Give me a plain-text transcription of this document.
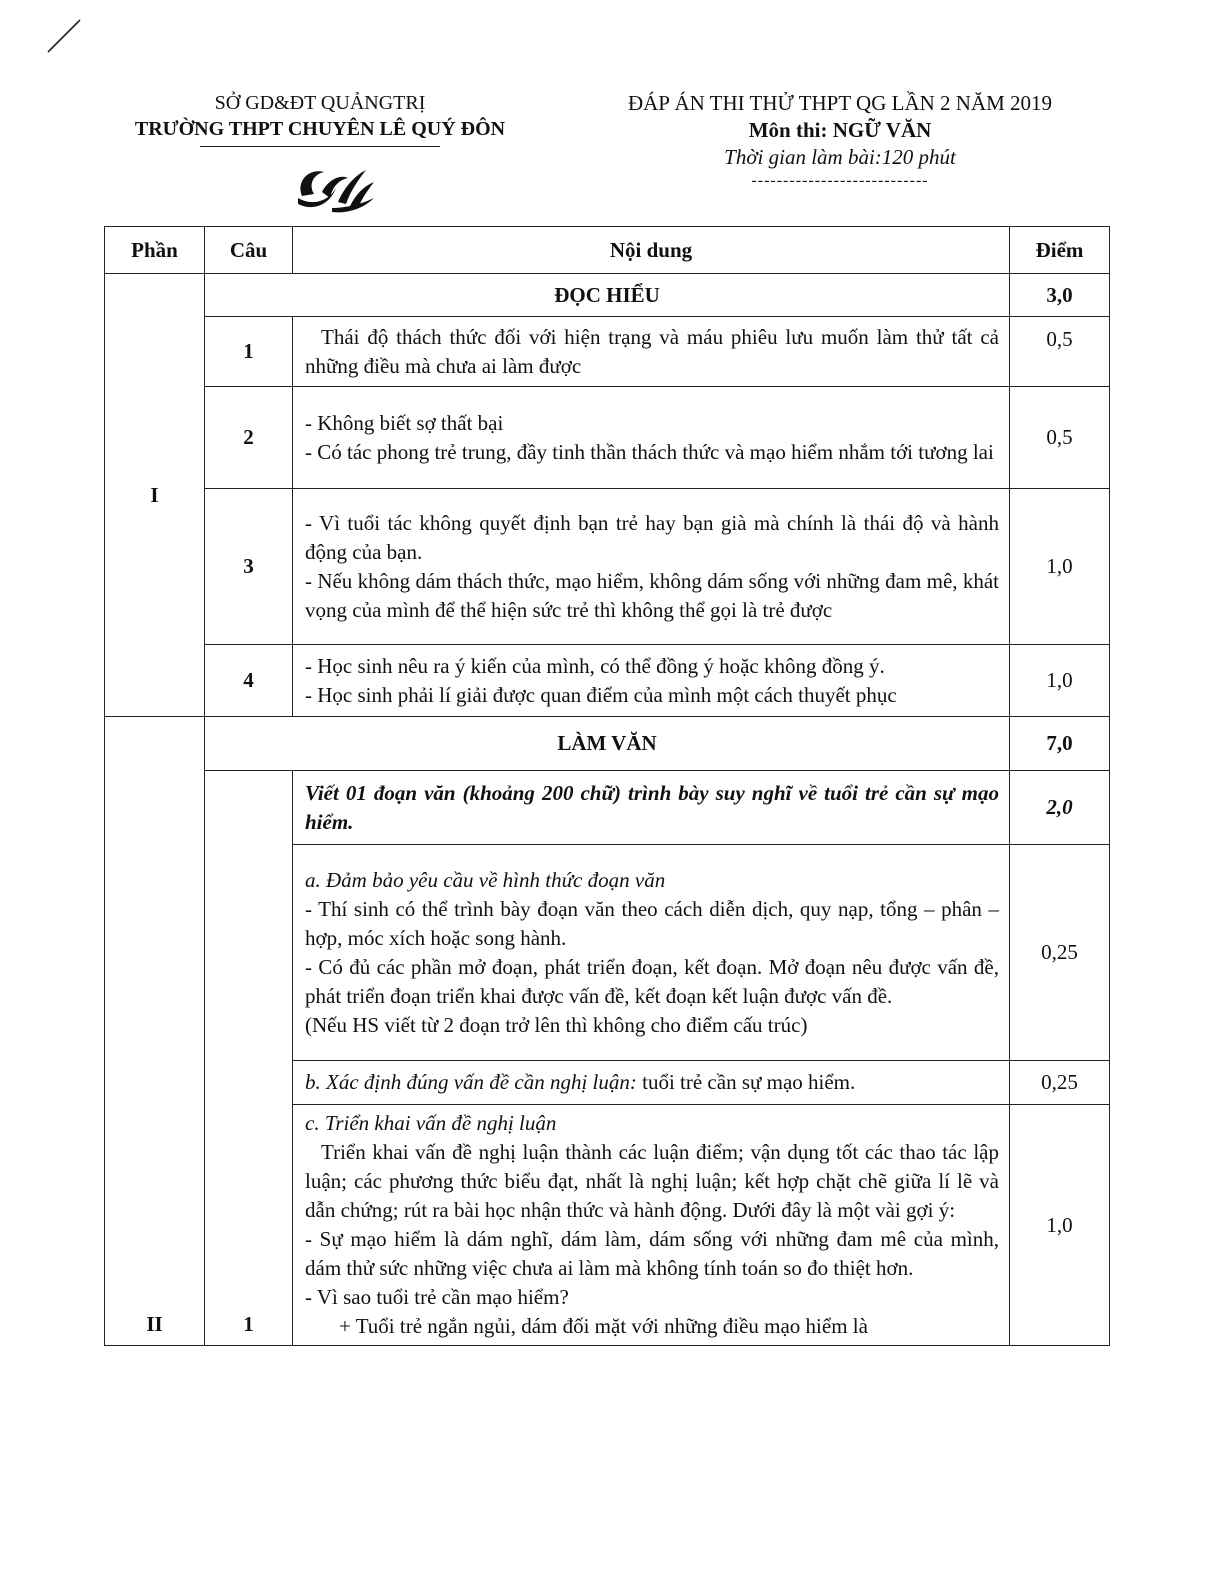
SỞ GD&ĐT QUẢNGTRỊ
TRƯỜNG THPT CHUYÊN LÊ QUÝ ĐÔN
ĐÁP ÁN THI THỬ THPT QG LẦN 2 NĂM 2019
Môn thi: NGỮ VĂN
Thời gian làm bài:120 phút
----------------------------
Phần	Câu	Nội dung	Điểm
I	ĐỌC HIỂU		3,0
	1	Thái độ thách thức đối với hiện trạng và máu phiêu lưu muốn làm thử tất cả những điều mà chưa ai làm được	0,5
	2	- Không biết sợ thất bại
- Có tác phong trẻ trung, đầy tinh thần thách thức và mạo hiểm nhắm tới tương lai	0,5
	3	- Vì tuổi tác không quyết định bạn trẻ hay bạn già mà chính là thái độ và hành động của bạn.
- Nếu không dám thách thức, mạo hiểm, không dám sống với những đam mê, khát vọng của mình để thể hiện sức trẻ thì không thể gọi là trẻ được	1,0
	4	- Học sinh nêu ra ý kiến của mình, có thể đồng ý hoặc không đồng ý.
- Học sinh phải lí giải được quan điểm của mình một cách thuyết phục	1,0
II	LÀM VĂN		7,0
	1	Viết 01 đoạn văn (khoảng 200 chữ) trình bày suy nghĩ về tuổi trẻ cần sự mạo hiểm.	2,0

		a. Đảm bảo yêu cầu về hình thức đoạn văn
- Thí sinh có thể trình bày đoạn văn theo cách diễn dịch, quy nạp, tổng – phân – hợp, móc xích hoặc song hành.
- Có đủ các phần mở đoạn, phát triển đoạn, kết đoạn. Mở đoạn nêu được vấn đề, phát triển đoạn triển khai được vấn đề, kết đoạn kết luận được vấn đề.
(Nếu HS viết từ 2 đoạn trở lên thì không cho điểm cấu trúc)	0,25
		b. Xác định đúng vấn đề cần nghị luận: tuổi trẻ cần sự mạo hiểm.	0,25

		c. Triển khai vấn đề nghị luận
Triển khai vấn đề nghị luận thành các luận điểm; vận dụng tốt các thao tác lập luận; các phương thức biểu đạt, nhất là nghị luận; kết hợp chặt chẽ giữa lí lẽ và dẫn chứng; rút ra bài học nhận thức và hành động. Dưới đây là một vài gợi ý:
- Sự mạo hiểm là dám nghĩ, dám làm, dám sống với những đam mê của mình, dám thử sức những việc chưa ai làm mà không tính toán so đo thiệt hơn.
- Vì sao tuổi trẻ cần mạo hiểm?
+ Tuổi trẻ ngắn ngủi, dám đối mặt với những điều mạo hiểm là	1,0
